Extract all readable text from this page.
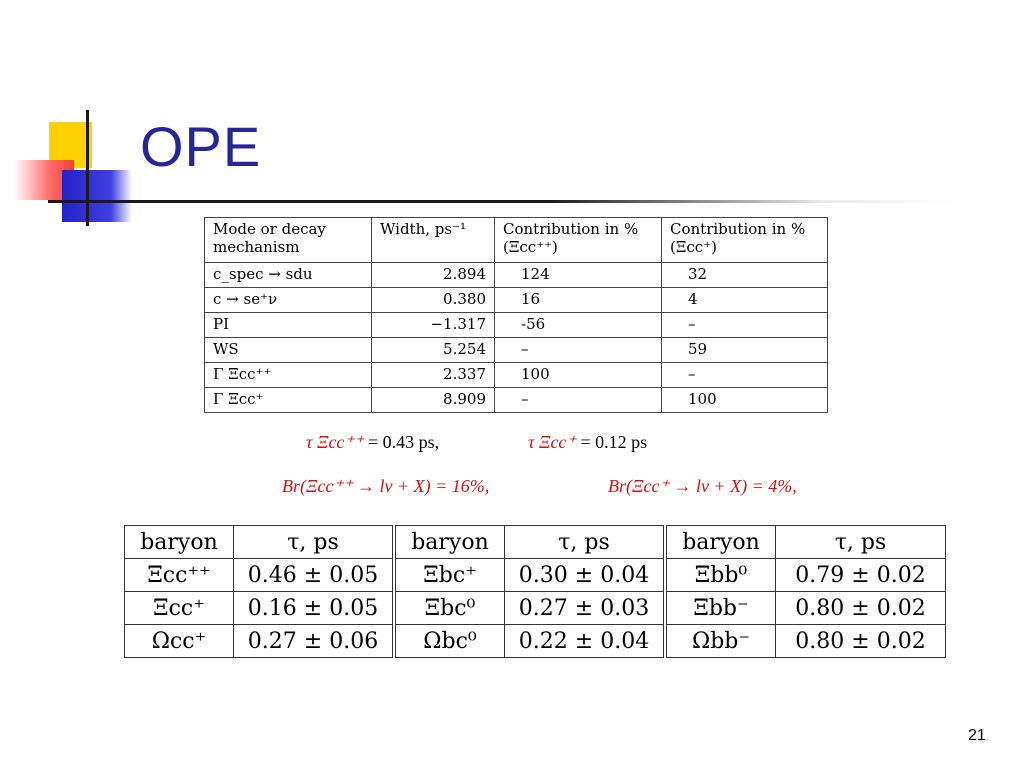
OPE
Mode or decay mechanism	Width, ps⁻¹	Contribution in % (Ξcc⁺⁺)	Contribution in % (Ξcc⁺)
c_spec → sdu	2.894	124	32
c → se⁺ν	0.380	16	4
PI	−1.317	-56	–
WS	5.254	–	59
Γ Ξcc⁺⁺	2.337	100	–
Γ Ξcc⁺	8.909	–	100
τ Ξcc⁺⁺ = 0.43 ps,	τ Ξcc⁺ = 0.12 ps
Br(Ξcc⁺⁺ → lν + X) = 16%,	Br(Ξcc⁺ → lν + X) = 4%,
baryon	τ, ps	baryon	τ, ps	baryon	τ, ps
Ξcc⁺⁺	0.46 ± 0.05	Ξbc⁺	0.30 ± 0.04	Ξbb⁰	0.79 ± 0.02
Ξcc⁺	0.16 ± 0.05	Ξbc⁰	0.27 ± 0.03	Ξbb⁻	0.80 ± 0.02
Ωcc⁺	0.27 ± 0.06	Ωbc⁰	0.22 ± 0.04	Ωbb⁻	0.80 ± 0.02
21
